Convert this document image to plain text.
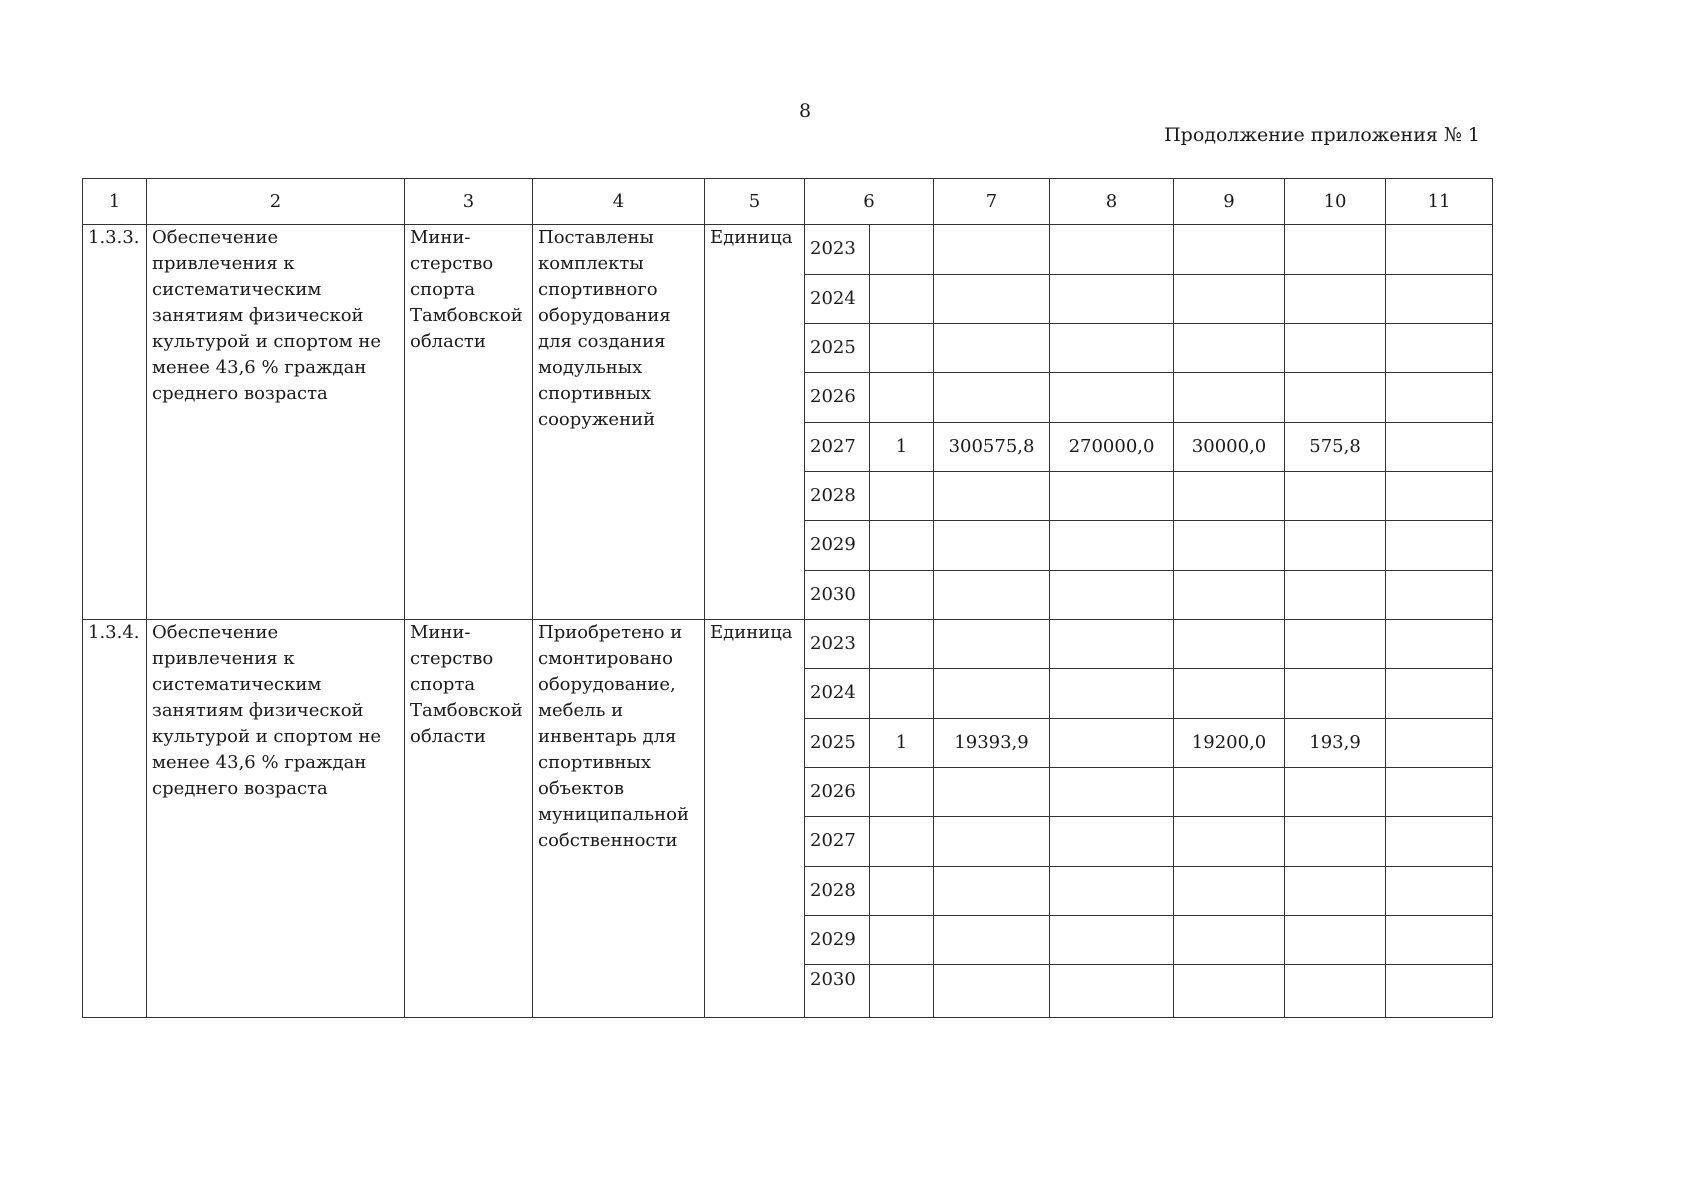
8
Продолжение приложения № 1
1	2	3	4	5	6		7	8	9	10	11
1.3.3.	Обеспечение привлечения к систематическим занятиям физической культурой и спортом не менее 43,6 % граждан среднего возраста	Мини-стерство спорта Тамбовской области	Поставлены комплекты спортивного оборудования для создания модульных спортивных сооружений	Единица	2023						
					2024						
					2025						
					2026						
					2027	1	300575,8	270000,0	30000,0	575,8	
					2028						
					2029						
					2030						
1.3.4.	Обеспечение привлечения к систематическим занятиям физической культурой и спортом не менее 43,6 % граждан среднего возраста	Мини-стерство спорта Тамбовской области	Приобретено и смонтировано оборудование, мебель и инвентарь для спортивных объектов муниципальной собственности	Единица	2023						
					2024						
					2025	1	19393,9		19200,0	193,9	
					2026						
					2027						
					2028						
					2029						
					2030						
